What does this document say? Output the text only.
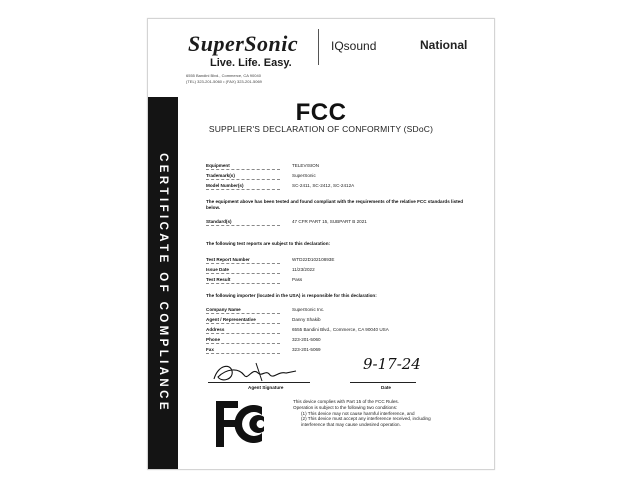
SuperSonic
Live. Life. Easy.
IQsound	National
6555 Bandini Blvd., Commerce, CA 90040
(TEL) 323-201-5060 • (FAX) 323-201-5069
CERTIFICATE OF COMPLIANCE
FCC
SUPPLIER'S DECLARATION OF CONFORMITY (SDoC)
Equipment	TELEVISION
Trademark(s)	SuperSonic
Model Number(s)	SC-2411, SC-2412, SC-2412A
The equipment above has been tested and found compliant with the requirements of the relative FCC standards listed below.
Standard(s)	47 CFR PART 15, SUBPART B 2021
The following test reports are subject to this declaration:
Test Report Number	WTD22D10210893E
Issue Date	11/23/2022
Test Result	Pass
The following importer (located in the USA) is responsible for this declaration:
Company Name	SuperSonic Inc.
Agent / Representative	Danny Shakib
Address	6555 Bandini Blvd., Commerce, CA 90040 USA
Phone	323-201-5060
Fax	323-201-5069
Agent Signature
9-17-24
Date
This device complies with Part 15 of the FCC Rules.
Operation is subject to the following two conditions:
(1) This device may not cause harmful interference, and
(2) This device must accept any interference received, including
interference that may cause undesired operation.
